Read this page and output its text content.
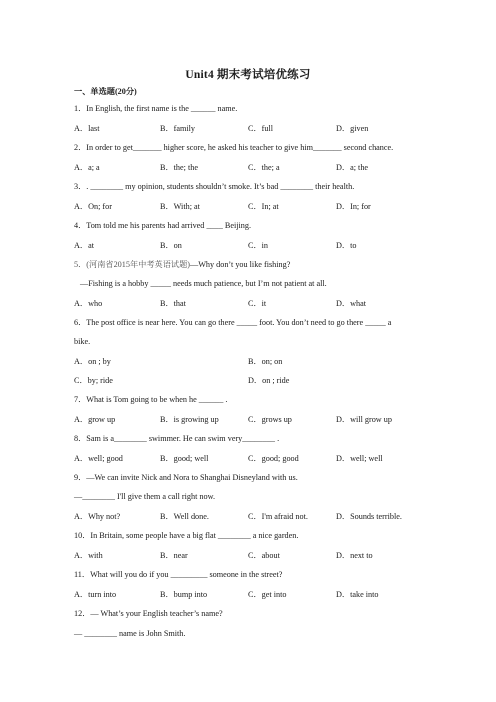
Unit4 期末考试培优练习
一、单选题(20分)
1．In English, the first name is the ______ name.
A．last	B．family	C．full	D．given
2．In order to get_______ higher score, he asked his teacher to give him_______ second chance.
A．a; a	B．the; the	C．the; a	D．a; the
3．. ________ my opinion, students shouldn’t smoke. It’s bad ________ their health.
A．On; for	B．With; at	C．In; at	D．In; for
4．Tom told me his parents had arrived ____ Beijing.
A．at	B．on	C．in	D．to
5．(河南省2015年中考英语试题)—Why don’t you like fishing?
—Fishing is a hobby _____ needs much patience, but I’m not patient at all.
A．who	B．that	C．it	D．what
6．The post office is near here. You can go there _____ foot. You don’t need to go there _____ a
bike.
A．on ; by	B．on; on
C．by; ride	D．on ; ride
7．What is Tom going to be when he ______ .
A．grow up	B．is growing up	C．grows up	D．will grow up
8．Sam is a________ swimmer. He can swim very________ .
A．well; good	B．good; well	C．good; good	D．well; well
9．—We can invite Nick and Nora to Shanghai Disneyland with us.
—________ I'll give them a call right now.
A．Why not?	B．Well done.	C．I'm afraid not.	D．Sounds terrible.
10．In Britain, some people have a big flat ________ a nice garden.
A．with	B．near	C．about	D．next to
11．What will you do if you _________ someone in the street?
A．turn into	B．bump into	C．get into	D．take into
12．— What’s your English teacher’s name?
— ________ name is John Smith.
